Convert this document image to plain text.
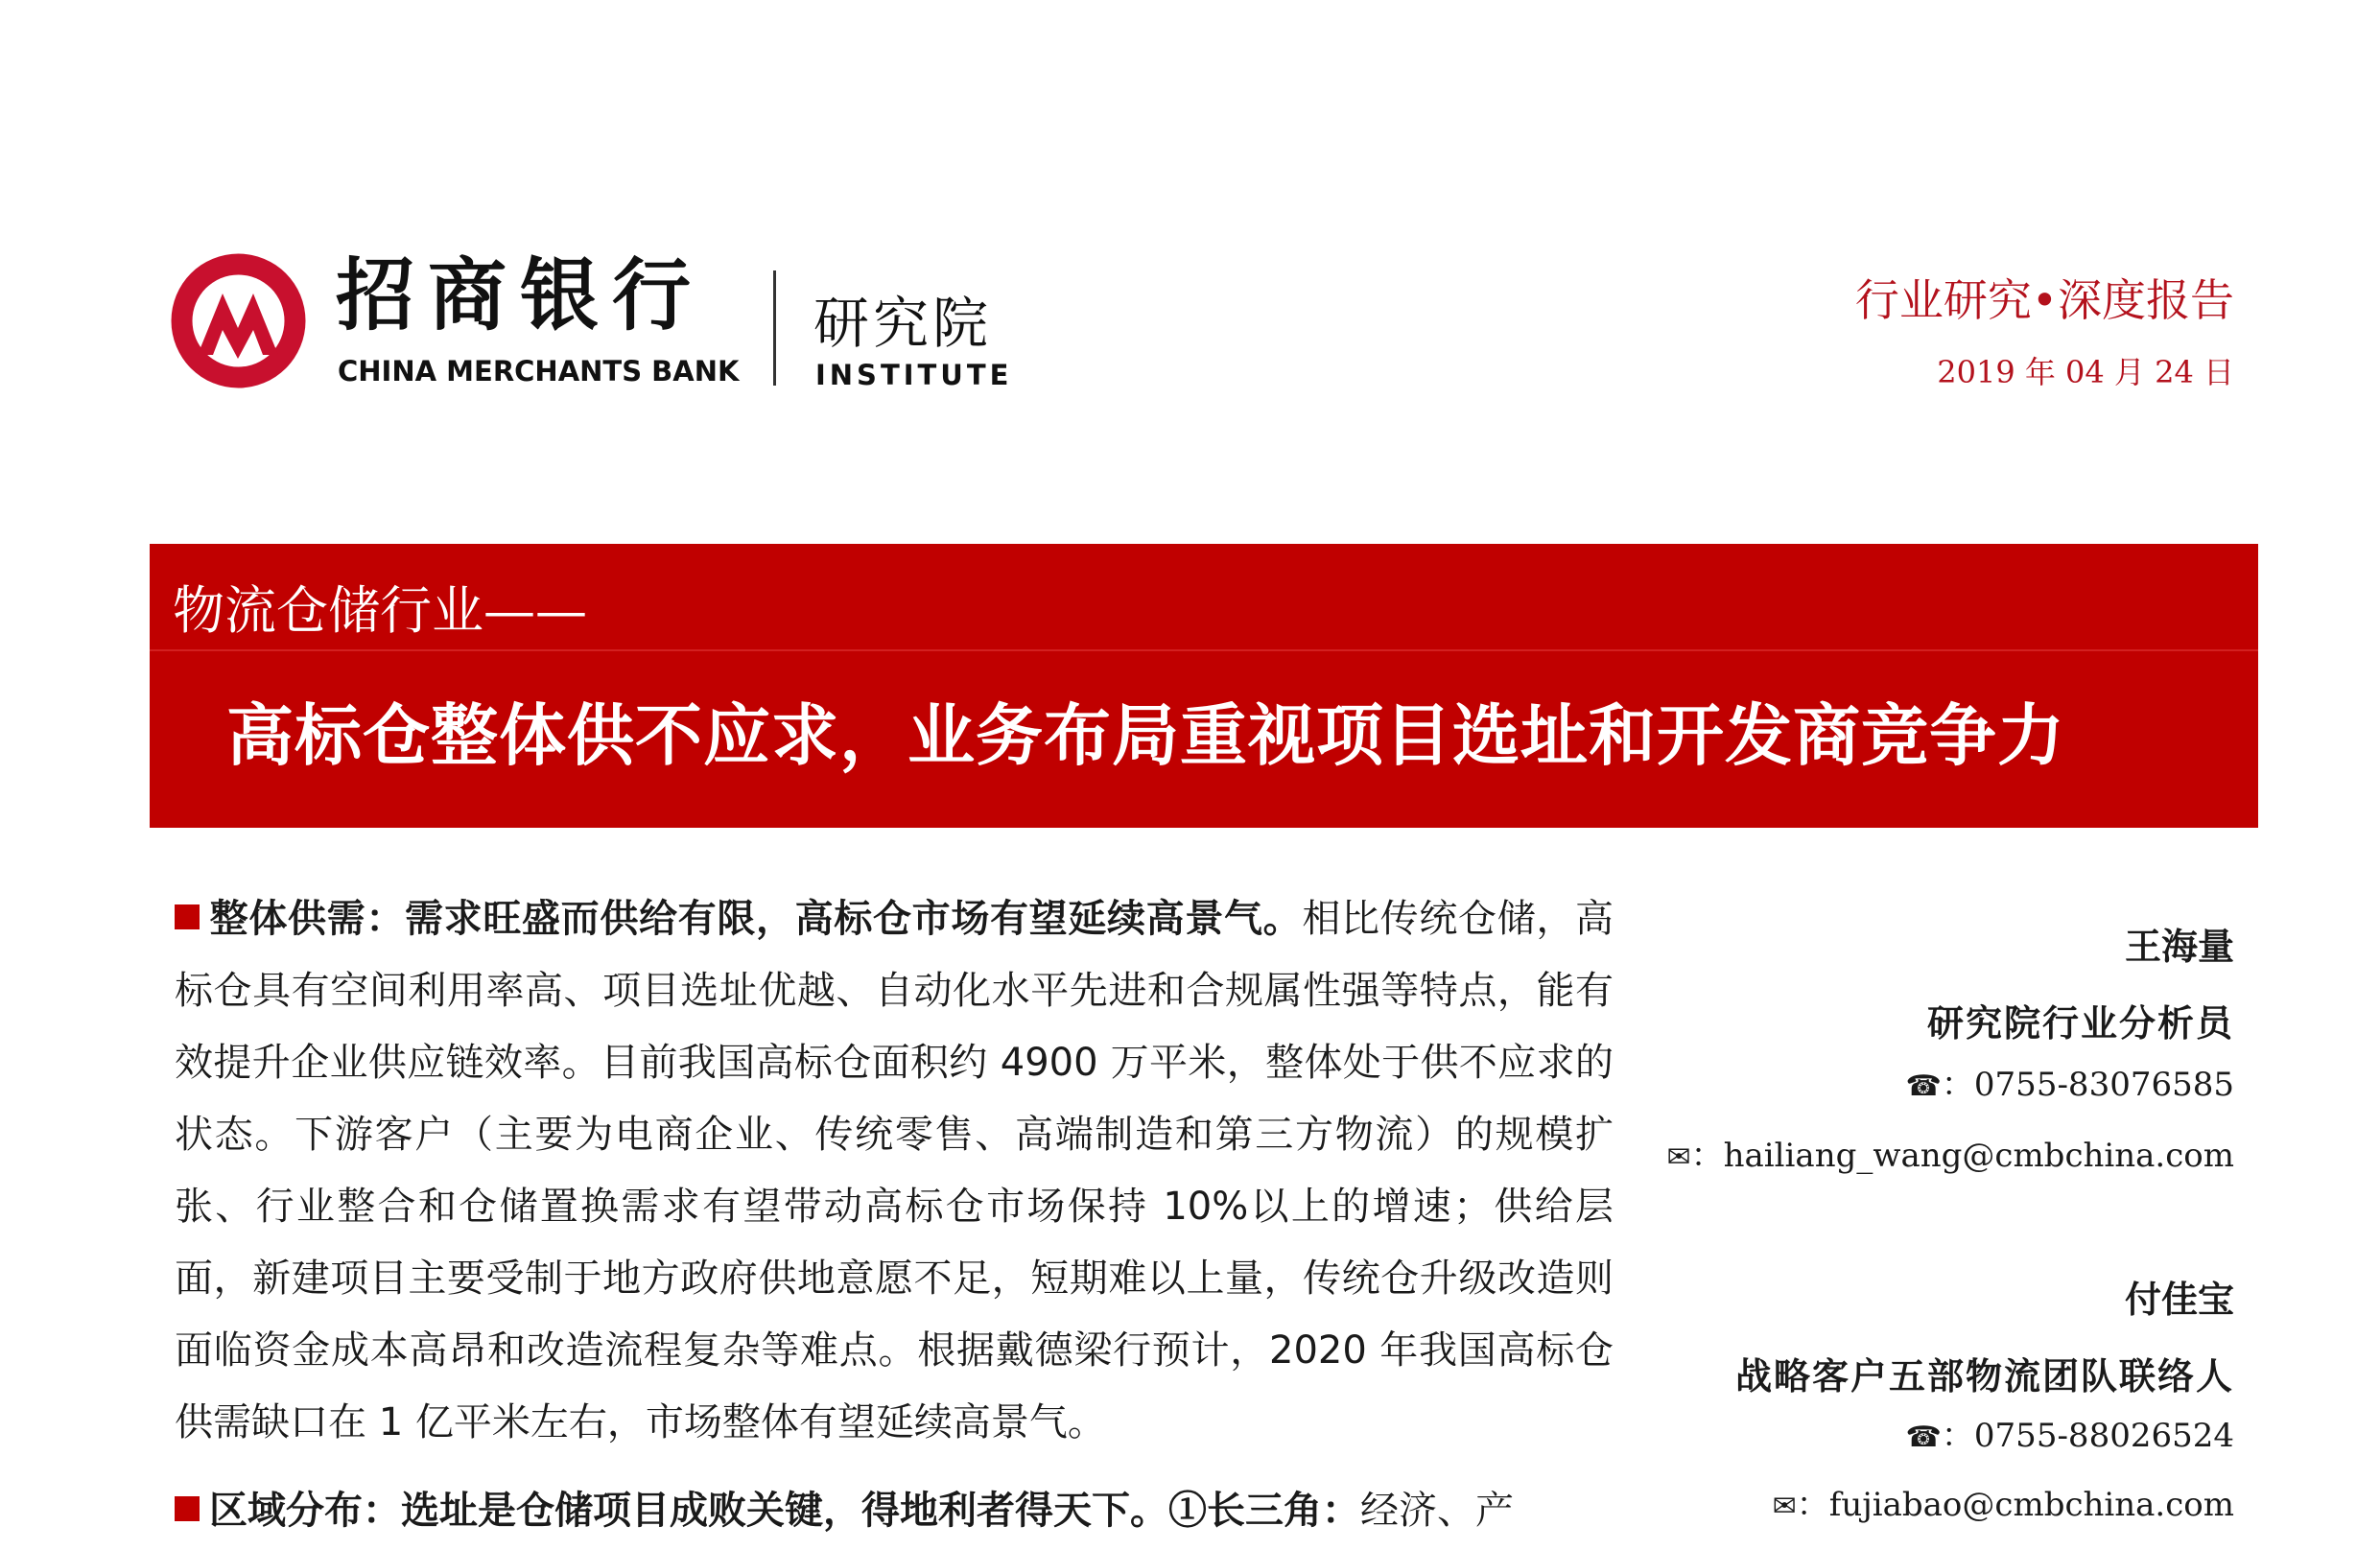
招商银行
CHINA MERCHANTS BANK
研究院
INSTITUTE
行业研究•深度报告
2019 年 04 月 24 日
物流仓储行业——
高标仓整体供不应求，业务布局重视项目选址和开发商竞争力

整体供需：需求旺盛而供给有限，高标仓市场有望延续高景气。相比传统仓储，高标仓具有空间利用率高、项目选址优越、自动化水平先进和合规属性强等特点，能有效提升企业供应链效率。目前我国高标仓面积约 4900 万平米，整体处于供不应求的状态。下游客户（主要为电商企业、传统零售、高端制造和第三方物流）的规模扩张、行业整合和仓储置换需求有望带动高标仓市场保持 10%以上的增速；供给层面，新建项目主要受制于地方政府供地意愿不足，短期难以上量，传统仓升级改造则面临资金成本高昂和改造流程复杂等难点。根据戴德梁行预计，2020 年我国高标仓供需缺口在 1 亿平米左右，市场整体有望延续高景气。

区域分布：选址是仓储项目成败关键，得地利者得天下。①长三角：经济、产

王海量
研究院行业分析员
☎：0755-83076585
✉：hailiang_wang@cmbchina.com
付佳宝
战略客户五部物流团队联络人
☎：0755-88026524
✉：fujiabao@cmbchina.com
